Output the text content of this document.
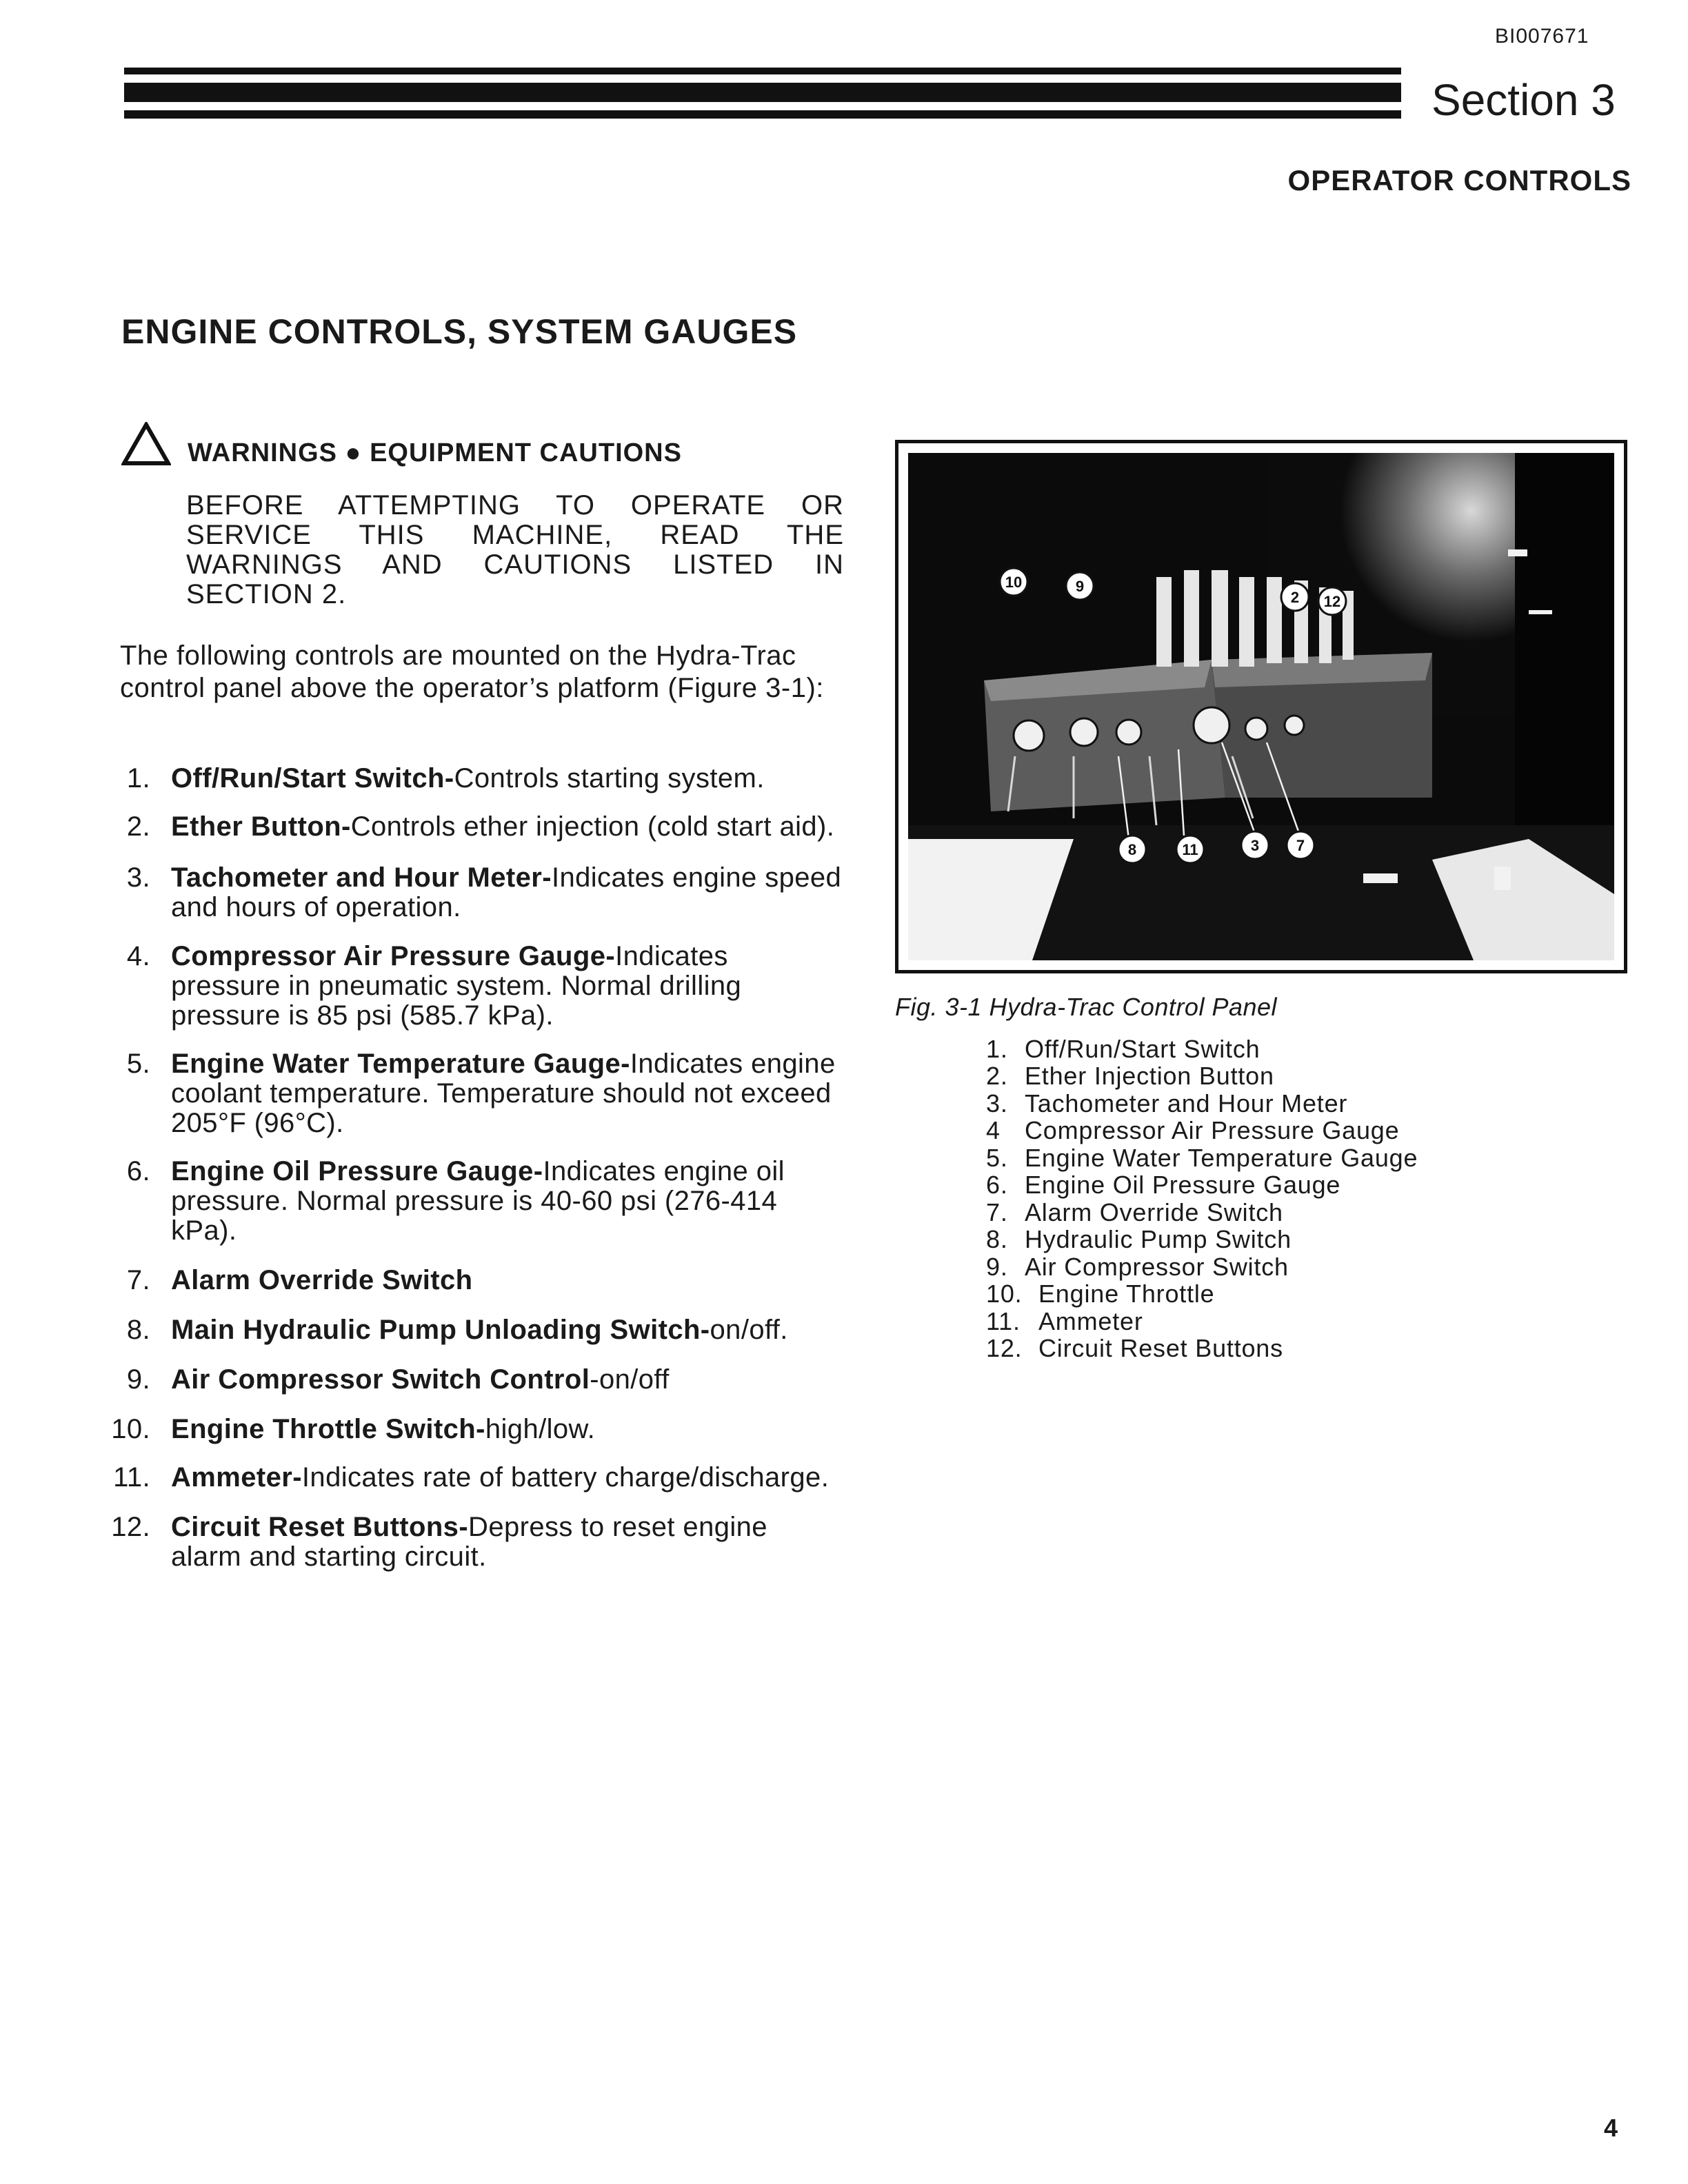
BI007671
Section 3
OPERATOR CONTROLS
ENGINE CONTROLS, SYSTEM GAUGES
WARNINGS ● EQUIPMENT CAUTIONS
BEFORE ATTEMPTING TO OPERATE OR SERVICE THIS MACHINE, READ THE WARNINGS AND CAUTIONS LISTED IN SECTION 2.
The following controls are mounted on the Hydra-Trac control panel above the operator’s platform (Figure 3-1):
1. Off/Run/Start Switch-Controls starting system.
2. Ether Button-Controls ether injection (cold start aid).
3. Tachometer and Hour Meter-Indicates engine speed and hours of operation.
4. Compressor Air Pressure Gauge-Indicates pressure in pneumatic system. Normal drilling pressure is 85 psi (585.7 kPa).
5. Engine Water Temperature Gauge-Indicates engine coolant temperature. Temperature should not exceed 205°F (96°C).
6. Engine Oil Pressure Gauge-Indicates engine oil pressure. Normal pressure is 40-60 psi (276-414 kPa).
7. Alarm Override Switch
8. Main Hydraulic Pump Unloading Switch-on/off.
9. Air Compressor Switch Control-on/off
10. Engine Throttle Switch-high/low.
11. Ammeter-Indicates rate of battery charge/discharge.
12. Circuit Reset Buttons-Depress to reset engine alarm and starting circuit.
10	9
2 12
8	11	3 7
Fig. 3-1 Hydra-Trac Control Panel
1. Off/Run/Start Switch
2. Ether Injection Button
3. Tachometer and Hour Meter
4 Compressor Air Pressure Gauge
5. Engine Water Temperature Gauge
6. Engine Oil Pressure Gauge
7. Alarm Override Switch
8. Hydraulic Pump Switch
9. Air Compressor Switch
10. Engine Throttle
11. Ammeter
12. Circuit Reset Buttons
4
